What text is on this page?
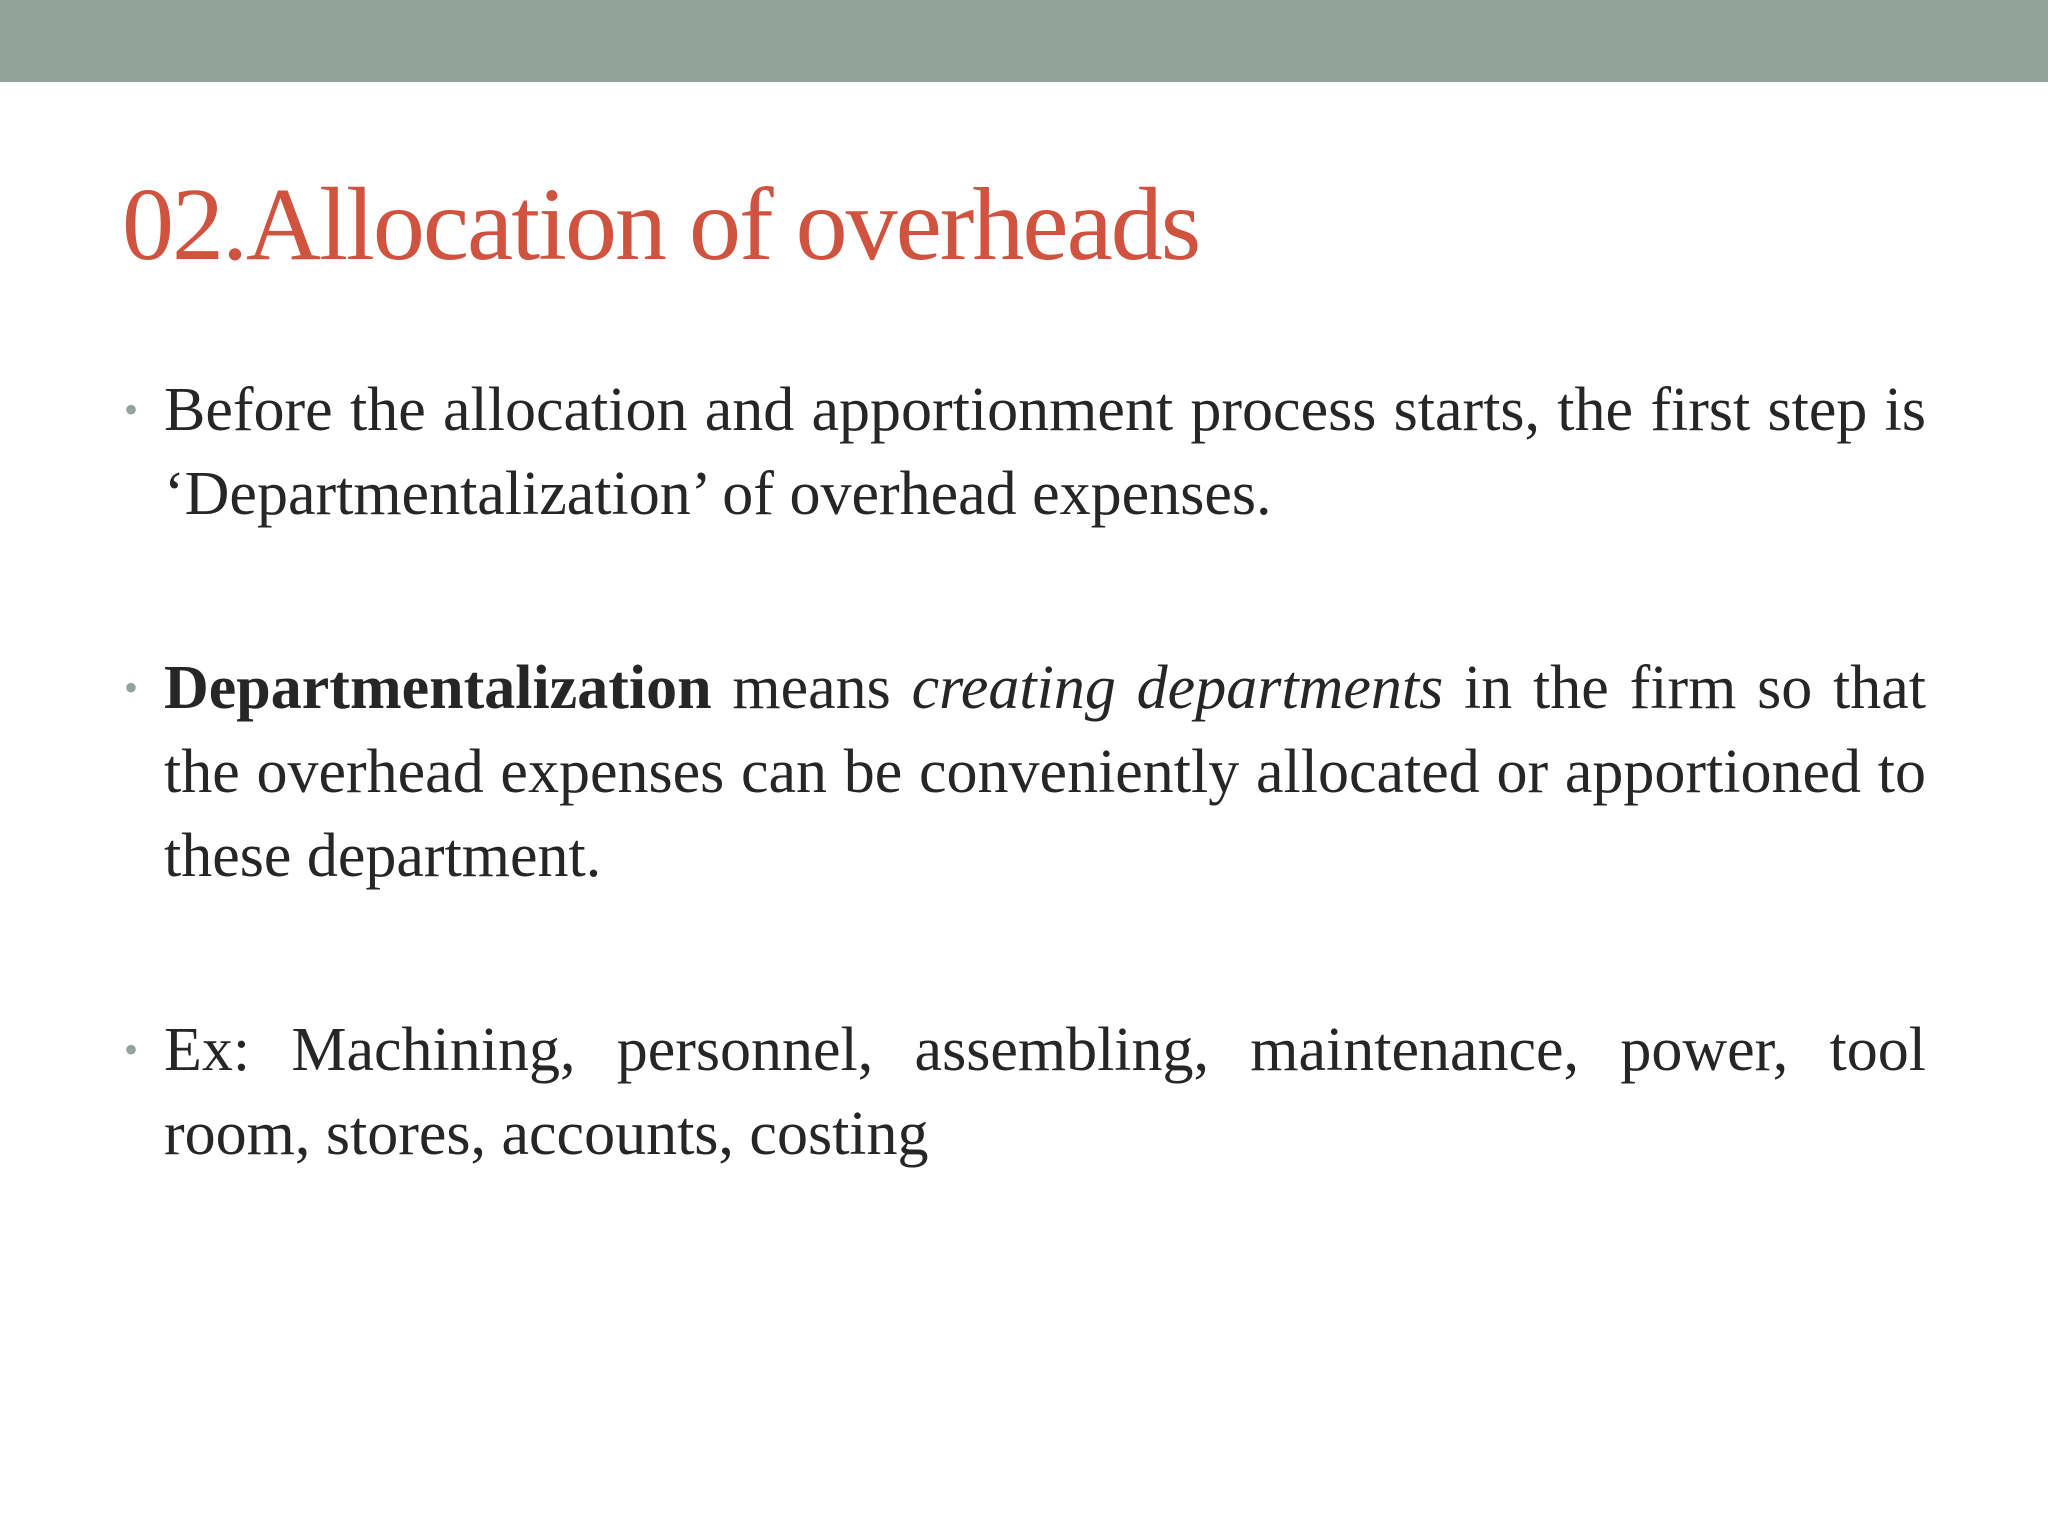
02.Allocation of overheads
• Before the allocation and apportionment process starts, the first step is ‘Departmentalization’ of overhead expenses.
• Departmentalization means creating departments in the firm so that the overhead expenses can be conveniently allocated or apportioned to these department.
• Ex: Machining, personnel, assembling, maintenance, power, tool room, stores, accounts, costing
